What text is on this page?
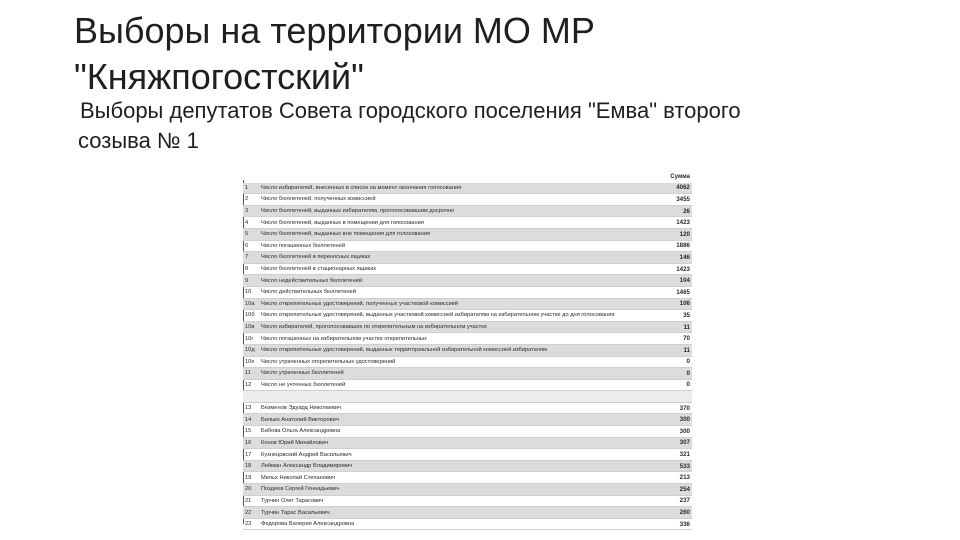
Выборы на территории МО МР
"Княжпогостский"

Выборы депутатов Совета городского поселения "Емва" второго
созыва № 1

		Сумма
1	Число избирателей, внесенных в список на момент окончания голосования	4062
2	Число бюллетеней, полученных комиссией	3455
3	Число бюллетеней, выданных избирателям, проголосовавшим досрочно	26
4	Число бюллетеней, выданных в помещении для голосования	1423
5	Число бюллетеней, выданных вне помещения для голосования	120
6	Число погашенных бюллетеней	1886
7	Число бюллетеней в переносных ящиках	146
8	Число бюллетеней в стационарных ящиках	1423
9	Число недействительных бюллетеней	104
10	Число действительных бюллетеней	1465
10а	Число открепительных удостоверений, полученных участковой комиссией	106
10б	Число открепительных удостоверений, выданных участковой комиссией избирателям на избирательном участке до дня голосования	35
10в	Число избирателей, проголосовавших по открепительным на избирательном участке	11
10г	Число погашенных на избирательном участке открепительных	70
10д	Число открепительных удостоверений, выданных территориальной избирательной комиссией избирателям	11
10е	Число утраченных открепительных удостоверений	0
11	Число утраченных бюллетеней	0
12	Число не учтенных бюллетеней	0

13	Безменов Эдуард Николаевич	370
14	Белько Анатолий Викторович	300
15	Бабова Ольга Александровна	300
16	Конов Юрий Михайлович	307
17	Кузнецовский Андрей Васильевич	321
18	Лейман Александр Владимирович	533
19	Мельх Николай Степанович	213
20	Поздеев Сергей Геннадьевич	254
21	Турчин Олег Тарасович	237
22	Турчин Тарас Васильевич	260
23	Федорова Валерия Александровна	336
